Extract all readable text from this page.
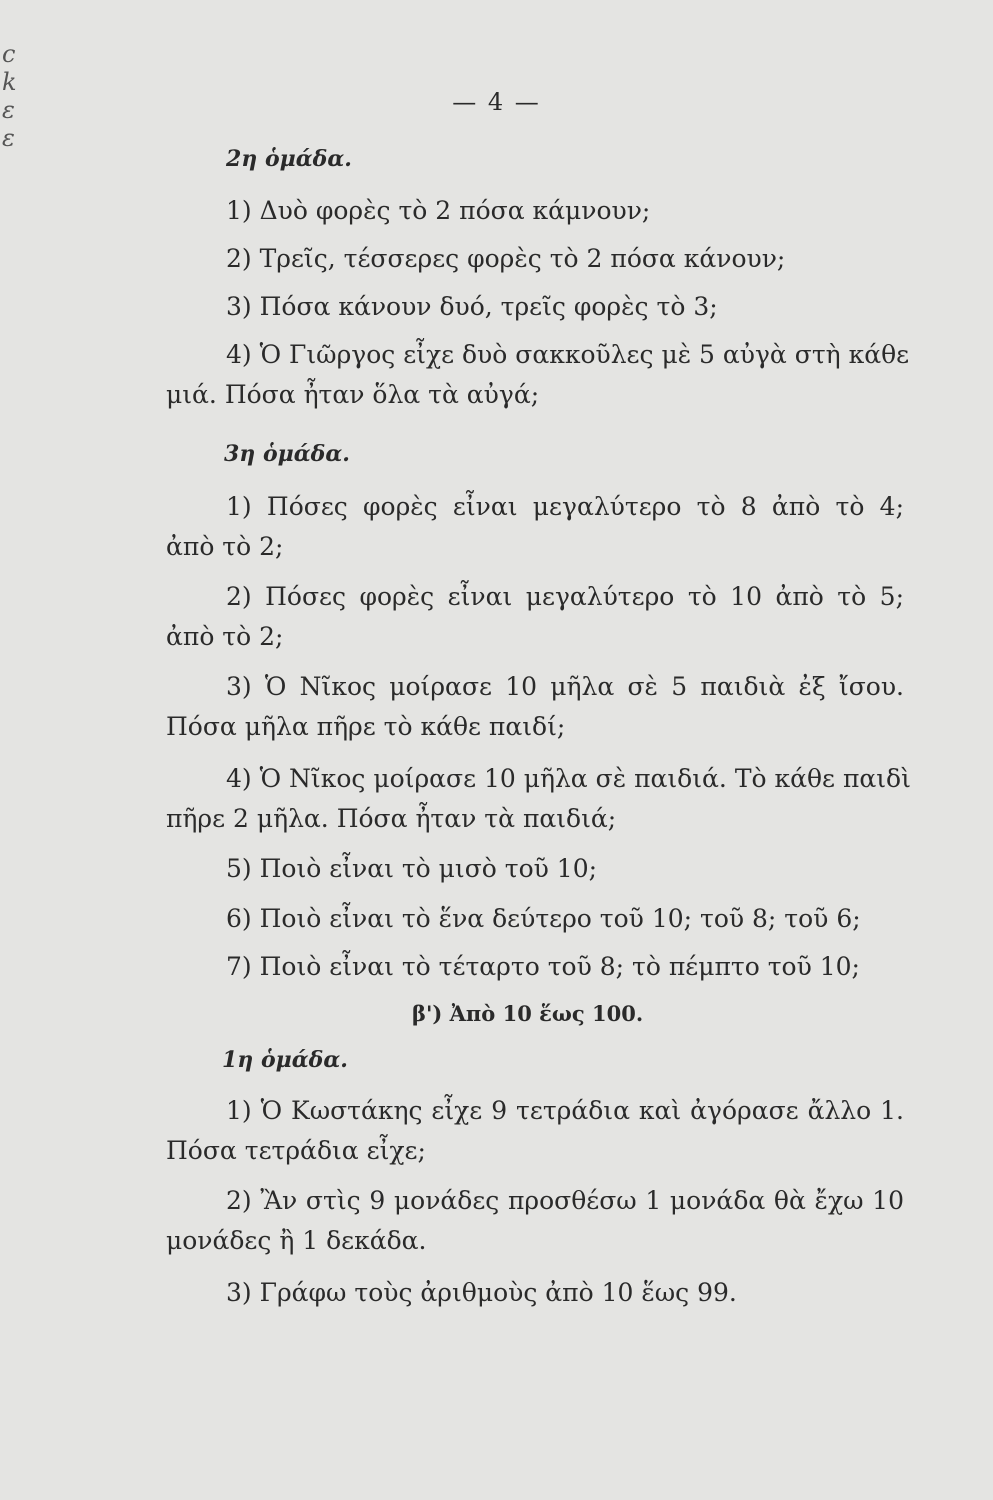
c
k
ε
ε
— 4 —
2η ὁμάδα.
1) Δυὸ φορὲς τὸ 2 πόσα κάμνουν;
2) Τρεῖς, τέσσερες φορὲς τὸ 2 πόσα κάνουν;
3) Πόσα κάνουν δυό, τρεῖς φορὲς τὸ 3;
4) Ὁ Γιῶργος εἶχε δυὸ σακκοῦλες μὲ 5 αὐγὰ στὴ κάθε
μιά. Πόσα ἦταν ὅλα τὰ αὐγά;
3η ὁμάδα.
1) Πόσες φορὲς εἶναι μεγαλύτερο τὸ 8 ἀπὸ τὸ 4;
ἀπὸ τὸ 2;
2) Πόσες φορὲς εἶναι μεγαλύτερο τὸ 10 ἀπὸ τὸ 5;
ἀπὸ τὸ 2;
3) Ὁ Νῖκος μοίρασε 10 μῆλα σὲ 5 παιδιὰ ἐξ ἴσου.
Πόσα μῆλα πῆρε τὸ κάθε παιδί;
4) Ὁ Νῖκος μοίρασε 10 μῆλα σὲ παιδιά. Τὸ κάθε παιδὶ
πῆρε 2 μῆλα. Πόσα ἦταν τὰ παιδιά;
5) Ποιὸ εἶναι τὸ μισὸ τοῦ 10;
6) Ποιὸ εἶναι τὸ ἕνα δεύτερο τοῦ 10; τοῦ 8; τοῦ 6;
7) Ποιὸ εἶναι τὸ τέταρτο τοῦ 8; τὸ πέμπτο τοῦ 10;
β') Ἀπὸ 10 ἕως 100.
1η ὁμάδα.
1) Ὁ Κωστάκης εἶχε 9 τετράδια καὶ ἀγόρασε ἄλλο 1.
Πόσα τετράδια εἶχε;
2) Ἂν στὶς 9 μονάδες προσθέσω 1 μονάδα θὰ ἔχω 10
μονάδες ἢ 1 δεκάδα.
3) Γράφω τοὺς ἀριθμοὺς ἀπὸ 10 ἕως 99.
